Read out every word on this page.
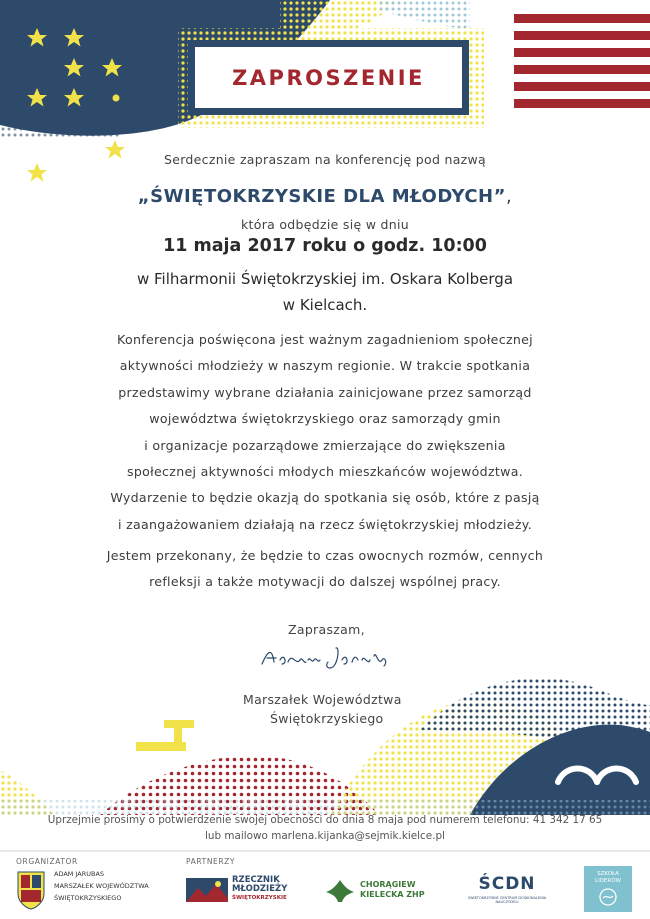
ZAPROSZENIE
Serdecznie zapraszam na konferencję pod nazwą
„ŚWIĘTOKRZYSKIE DLA MŁODYCH”,
która odbędzie się w dniu
11 maja 2017 roku o godz. 10:00
w Filharmonii Świętokrzyskiej im. Oskara Kolberga
w Kielcach.
Konferencja poświęcona jest ważnym zagadnieniom społecznej
aktywności młodzieży w naszym regionie. W trakcie spotkania
przedstawimy wybrane działania zainicjowane przez samorząd
województwa świętokrzyskiego oraz samorządy gmin
i organizacje pozarządowe zmierzające do zwiększenia
społecznej aktywności młodych mieszkańców województwa.
Wydarzenie to będzie okazją do spotkania się osób, które z pasją
i zaangażowaniem działają na rzecz świętokrzyskiej młodzieży.
Jestem przekonany, że będzie to czas owocnych rozmów, cennych
refleksji a także motywacji do dalszej wspólnej pracy.
Zapraszam,
Marszałek Województwa
Świętokrzyskiego
Uprzejmie prosimy o potwierdzenie swojej obecności do dnia 8 maja pod numerem telefonu: 41 342 17 65
lub mailowo marlena.kijanka@sejmik.kielce.pl
ORGANIZATOR
ADAM JARUBAS
MARSZAŁEK WOJEWÓDZTWA
ŚWIĘTOKRZYSKIEGO
PARTNERZY
RZECZNIK
MŁODZIEŻY
ŚWIĘTOKRZYSKIE
CHORĄGIEW
KIELECKA ZHP
ŚCDN
ŚWIĘTOKRZYSKIE CENTRUM DOSKONALENIA NAUCZYCIELI
SZKOŁA
LIDERÓW
